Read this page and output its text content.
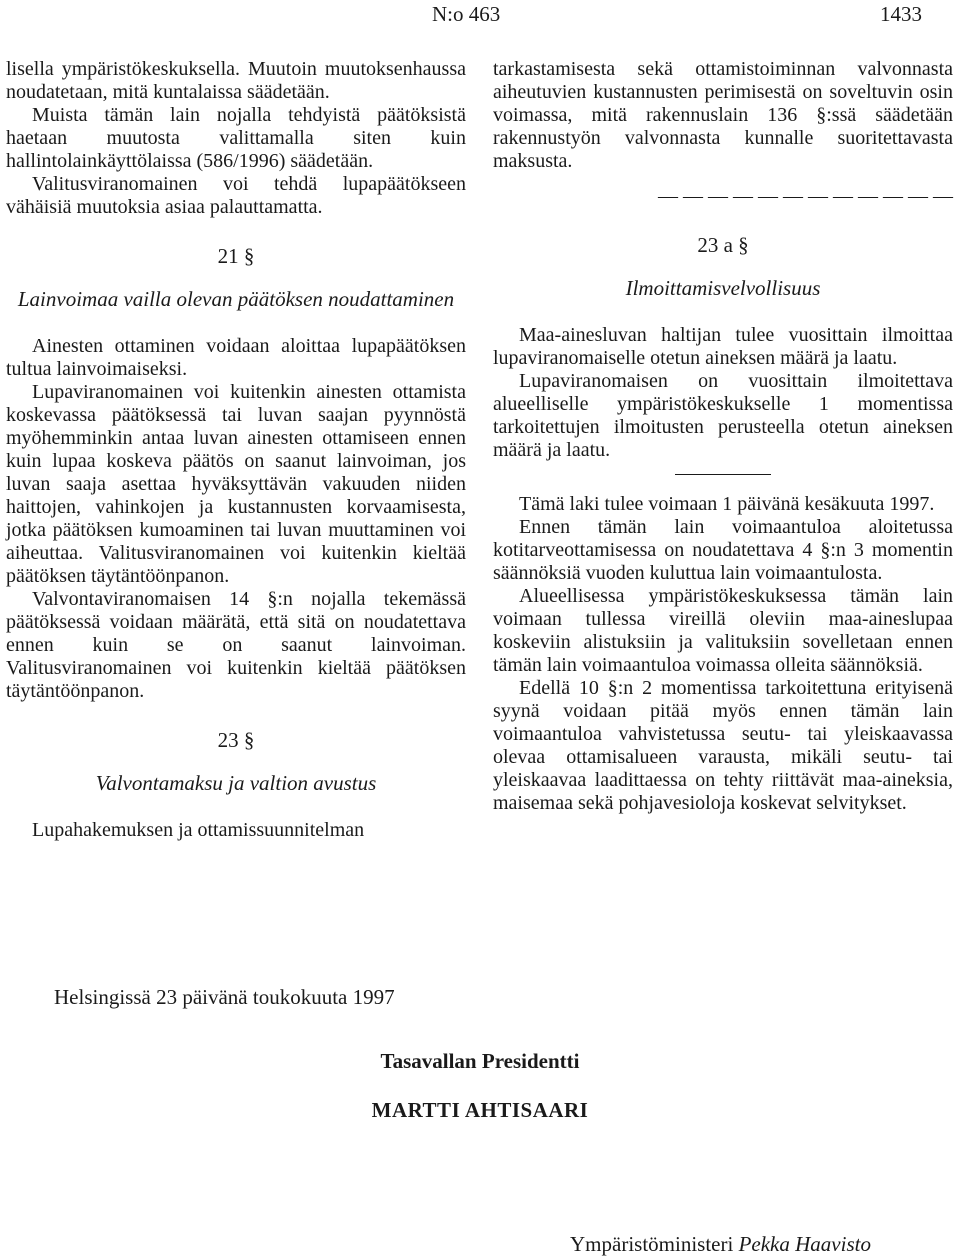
N:o 463	1433

lisella ympäristökeskuksella. Muutoin muutoksenhaussa noudatetaan, mitä kuntalaissa säädetään.

Muista tämän lain nojalla tehdyistä päätöksistä haetaan muutosta valittamalla siten kuin hallintolainkäyttölaissa (586/1996) säädetään.

Valitusviranomainen voi tehdä lupapäätökseen vähäisiä muutoksia asiaa palauttamatta.

21 §
Lainvoimaa vailla olevan päätöksen noudattaminen

Ainesten ottaminen voidaan aloittaa lupapäätöksen tultua lainvoimaiseksi.

Lupaviranomainen voi kuitenkin ainesten ottamista koskevassa päätöksessä tai luvan saajan pyynnöstä myöhemminkin antaa luvan ainesten ottamiseen ennen kuin lupaa koskeva päätös on saanut lainvoiman, jos luvan saaja asettaa hyväksyttävän vakuuden niiden haittojen, vahinkojen ja kustannusten korvaamisesta, jotka päätöksen kumoaminen tai luvan muuttaminen voi aiheuttaa. Valitusviranomainen voi kuitenkin kieltää päätöksen täytäntöönpanon.

Valvontaviranomaisen 14 §:n nojalla tekemässä päätöksessä voidaan määrätä, että sitä on noudatettava ennen kuin se on saanut lainvoiman. Valitusviranomainen voi kuitenkin kieltää päätöksen täytäntöönpanon.

23 §
Valvontamaksu ja valtion avustus

Lupahakemuksen ja ottamissuunnitelman

tarkastamisesta sekä ottamistoiminnan valvonnasta aiheutuvien kustannusten perimisestä on soveltuvin osin voimassa, mitä rakennuslain 136 §:ssä säädetään rakennustyön valvonnasta kunnalle suoritettavasta maksusta.

— — — — — — — — — — — —
23 a §
Ilmoittamisvelvollisuus

Maa-ainesluvan haltijan tulee vuosittain ilmoittaa lupaviranomaiselle otetun aineksen määrä ja laatu.

Lupaviranomaisen on vuosittain ilmoitettava alueelliselle ympäristökeskukselle 1 momentissa tarkoitettujen ilmoitusten perusteella otetun aineksen määrä ja laatu.

Tämä laki tulee voimaan 1 päivänä kesäkuuta 1997.

Ennen tämän lain voimaantuloa aloitetussa kotitarveottamisessa on noudatettava 4 §:n 3 momentin säännöksiä vuoden kuluttua lain voimaantulosta.

Alueellisessa ympäristökeskuksessa tämän lain voimaan tullessa vireillä oleviin maa-aineslupaa koskeviin alistuksiin ja valituksiin sovelletaan ennen tämän lain voimaantuloa voimassa olleita säännöksiä.

Edellä 10 §:n 2 momentissa tarkoitettuna erityisenä syynä voidaan pitää myös ennen tämän lain voimaantuloa vahvistetussa seutu- tai yleiskaavassa olevaa ottamisalueen varausta, mikäli seutu- tai yleiskaavaa laadittaessa on tehty riittävät maa-aineksia, maisemaa sekä pohjavesioloja koskevat selvitykset.

Helsingissä 23 päivänä toukokuuta 1997
Tasavallan Presidentti
MARTTI AHTISAARI
Ympäristöministeri Pekka Haavisto
